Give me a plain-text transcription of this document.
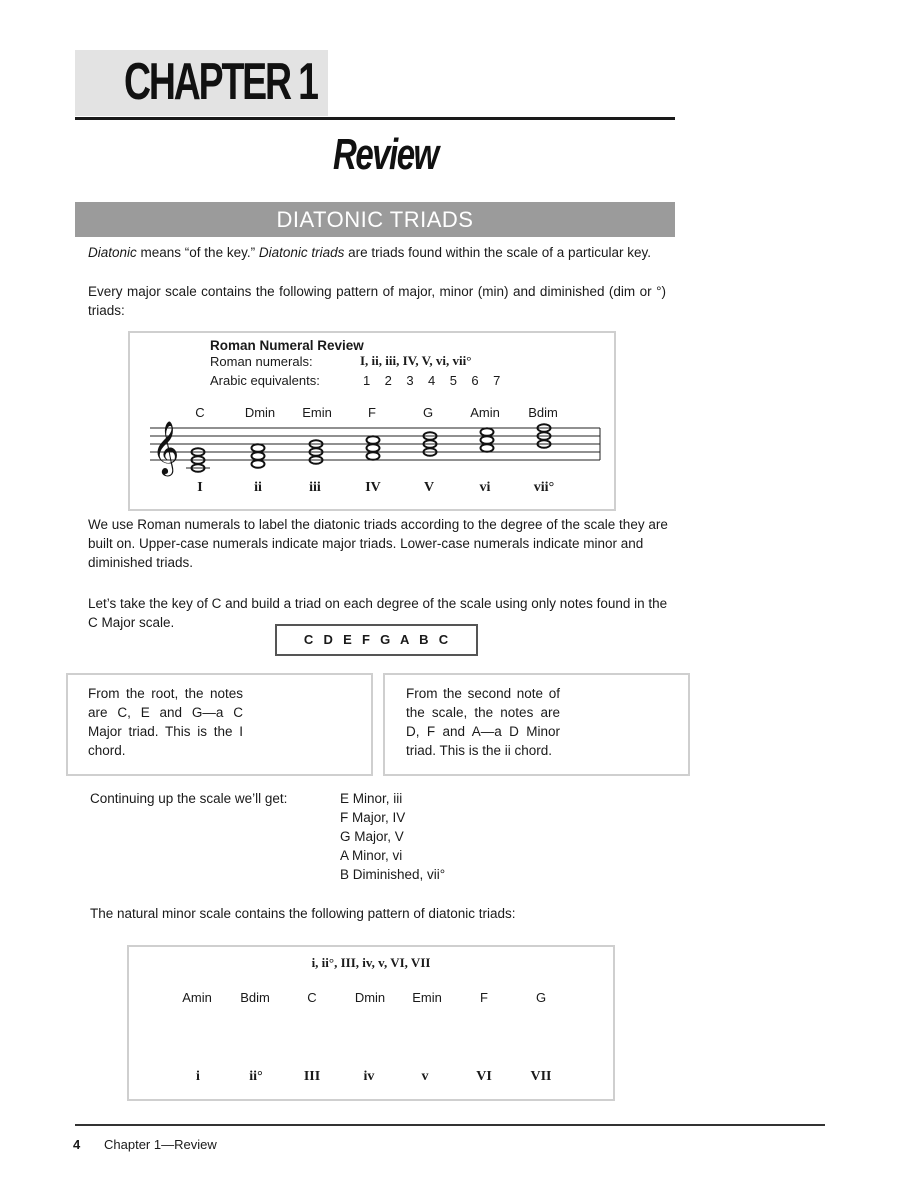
CHAPTER 1
Review
DIATONIC TRIADS
Diatonic means “of the key.” Diatonic triads are triads found within the scale of a particular key.
Every major scale contains the following pattern of major, minor (min) and diminished (dim or °) triads:
Roman Numeral Review
Roman numerals:	I, ii, iii, IV, V, vi, vii°
Arabic equivalents:	1    2    3    4    5    6    7
C	Dmin	Emin	F	G	Amin	Bdim
𝄞
I	ii	iii	IV	V	vi	vii°
We use Roman numerals to label the diatonic triads according to the degree of the scale they are built on. Upper-case numerals indicate major triads. Lower-case numerals indicate minor and diminished triads.
Let’s take the key of C and build a triad on each degree of the scale using only notes found in the C Major scale.
C  D  E  F  G  A  B  C
From the root, the notes are C, E and G—a C Major triad. This is the I chord.
From the second note of the scale, the notes are D, F and A—a D Minor triad. This is the ii chord.
Continuing up the scale we’ll get:	E Minor, iii
F Major, IV
G Major, V
A Minor, vi
B Diminished, vii°
The natural minor scale contains the following pattern of diatonic triads:
i, ii°, III, iv, v, VI, VII
Amin	Bdim	C	Dmin	Emin	F	G
i	ii°	III	iv	v	VI	VII
4 Chapter 1—Review
